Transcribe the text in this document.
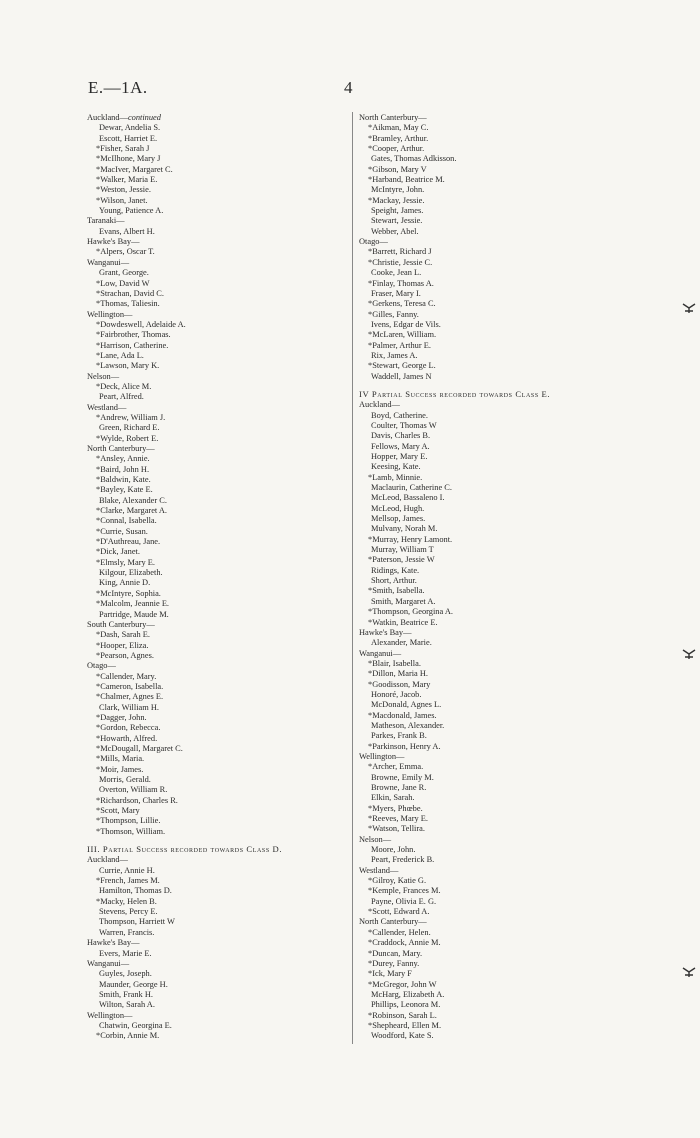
E.—1A.	4
Auckland—continued
Dewar, Andelia S.
Escott, Harriet E.
*Fisher, Sarah J
*McIlhone, Mary J
*MacIver, Margaret C.
*Walker, Maria E.
*Weston, Jessie.
*Wilson, Janet.
Young, Patience A.
Taranaki—
Evans, Albert H.
Hawke's Bay—
*Alpers, Oscar T.
Wanganui—
Grant, George.
*Low, David W
*Strachan, David C.
*Thomas, Taliesin.
Wellington—
*Dowdeswell, Adelaide A.
*Fairbrother, Thomas.
*Harrison, Catherine.
*Lane, Ada L.
*Lawson, Mary K.
Nelson—
*Deck, Alice M.
Peart, Alfred.
Westland—
*Andrew, William J.
Green, Richard E.
*Wylde, Robert E.
North Canterbury—
*Ansley, Annie.
*Baird, John H.
*Baldwin, Kate.
*Bayley, Kate E.
Blake, Alexander C.
*Clarke, Margaret A.
*Connal, Isabella.
*Currie, Susan.
*D'Authreau, Jane.
*Dick, Janet.
*Elmsly, Mary E.
Kilgour, Elizabeth.
King, Annie D.
*McIntyre, Sophia.
*Malcolm, Jeannie E.
Partridge, Maude M.
South Canterbury—
*Dash, Sarah E.
*Hooper, Eliza.
*Pearson, Agnes.
Otago—
*Callender, Mary.
*Cameron, Isabella.
*Chalmer, Agnes E.
Clark, William H.
*Dagger, John.
*Gordon, Rebecca.
*Howarth, Alfred.
*McDougall, Margaret C.
*Mills, Maria.
*Moir, James.
Morris, Gerald.
Overton, William R.
*Richardson, Charles R.
*Scott, Mary
*Thompson, Lillie.
*Thomson, William.
III. Partial Success recorded towards Class D.
Auckland—
Currie, Annie H.
*French, James M.
Hamilton, Thomas D.
*Macky, Helen B.
Stevens, Percy E.
Thompson, Harriett W
Warren, Francis.
Hawke's Bay—
Evers, Marie E.
Wanganui—
Guyles, Joseph.
Maunder, George H.
Smith, Frank H.
Wilton, Sarah A.
Wellington—
Chatwin, Georgina E.
*Corbin, Annie M.
North Canterbury—
*Aikman, May C.
*Bramley, Arthur.
*Cooper, Arthur.
Gates, Thomas Adkisson.
*Gibson, Mary V
*Harband, Beatrice M.
McIntyre, John.
*Mackay, Jessie.
Speight, James.
Stewart, Jessie.
Webber, Abel.
Otago—
*Barrett, Richard J
*Christie, Jessie C.
Cooke, Jean L.
*Finlay, Thomas A.
Fraser, Mary I.
*Gerkens, Teresa C.
*Gilles, Fanny.
Ivens, Edgar de Vils.
*McLaren, William.
*Palmer, Arthur E.
Rix, James A.
*Stewart, George L.
Waddell, James N
IV Partial Success recorded towards Class E.
Auckland—
Boyd, Catherine.
Coulter, Thomas W
Davis, Charles B.
Fellows, Mary A.
Hopper, Mary E.
Keesing, Kate.
*Lamb, Minnie.
Maclaurin, Catherine C.
McLeod, Bassaleno I.
McLeod, Hugh.
Mellsop, James.
Mulvany, Norah M.
*Murray, Henry Lamont.
Murray, William T
*Paterson, Jessie W
Ridings, Kate.
Short, Arthur.
*Smith, Isabella.
Smith, Margaret A.
*Thompson, Georgina A.
*Watkin, Beatrice E.
Hawke's Bay—
Alexander, Marie.
Wanganui—
*Blair, Isabella.
*Dillon, Maria H.
*Goodisson, Mary
Honoré, Jacob.
McDonald, Agnes L.
*Macdonald, James.
Matheson, Alexander.
Parkes, Frank B.
*Parkinson, Henry A.
Wellington—
*Archer, Emma.
Browne, Emily M.
Browne, Jane R.
Elkin, Sarah.
*Myers, Phœbe.
*Reeves, Mary E.
*Watson, Tellira.
Nelson—
Moore, John.
Peart, Frederick B.
Westland—
*Gilroy, Katie G.
*Kemple, Frances M.
Payne, Olivia E. G.
*Scott, Edward A.
North Canterbury—
*Callender, Helen.
*Craddock, Annie M.
*Duncan, Mary.
*Durey, Fanny.
*Ick, Mary F
*McGregor, John W
McHarg, Elizabeth A.
Phillips, Leonora M.
*Robinson, Sarah L.
*Shepheard, Ellen M.
Woodford, Kate S.
